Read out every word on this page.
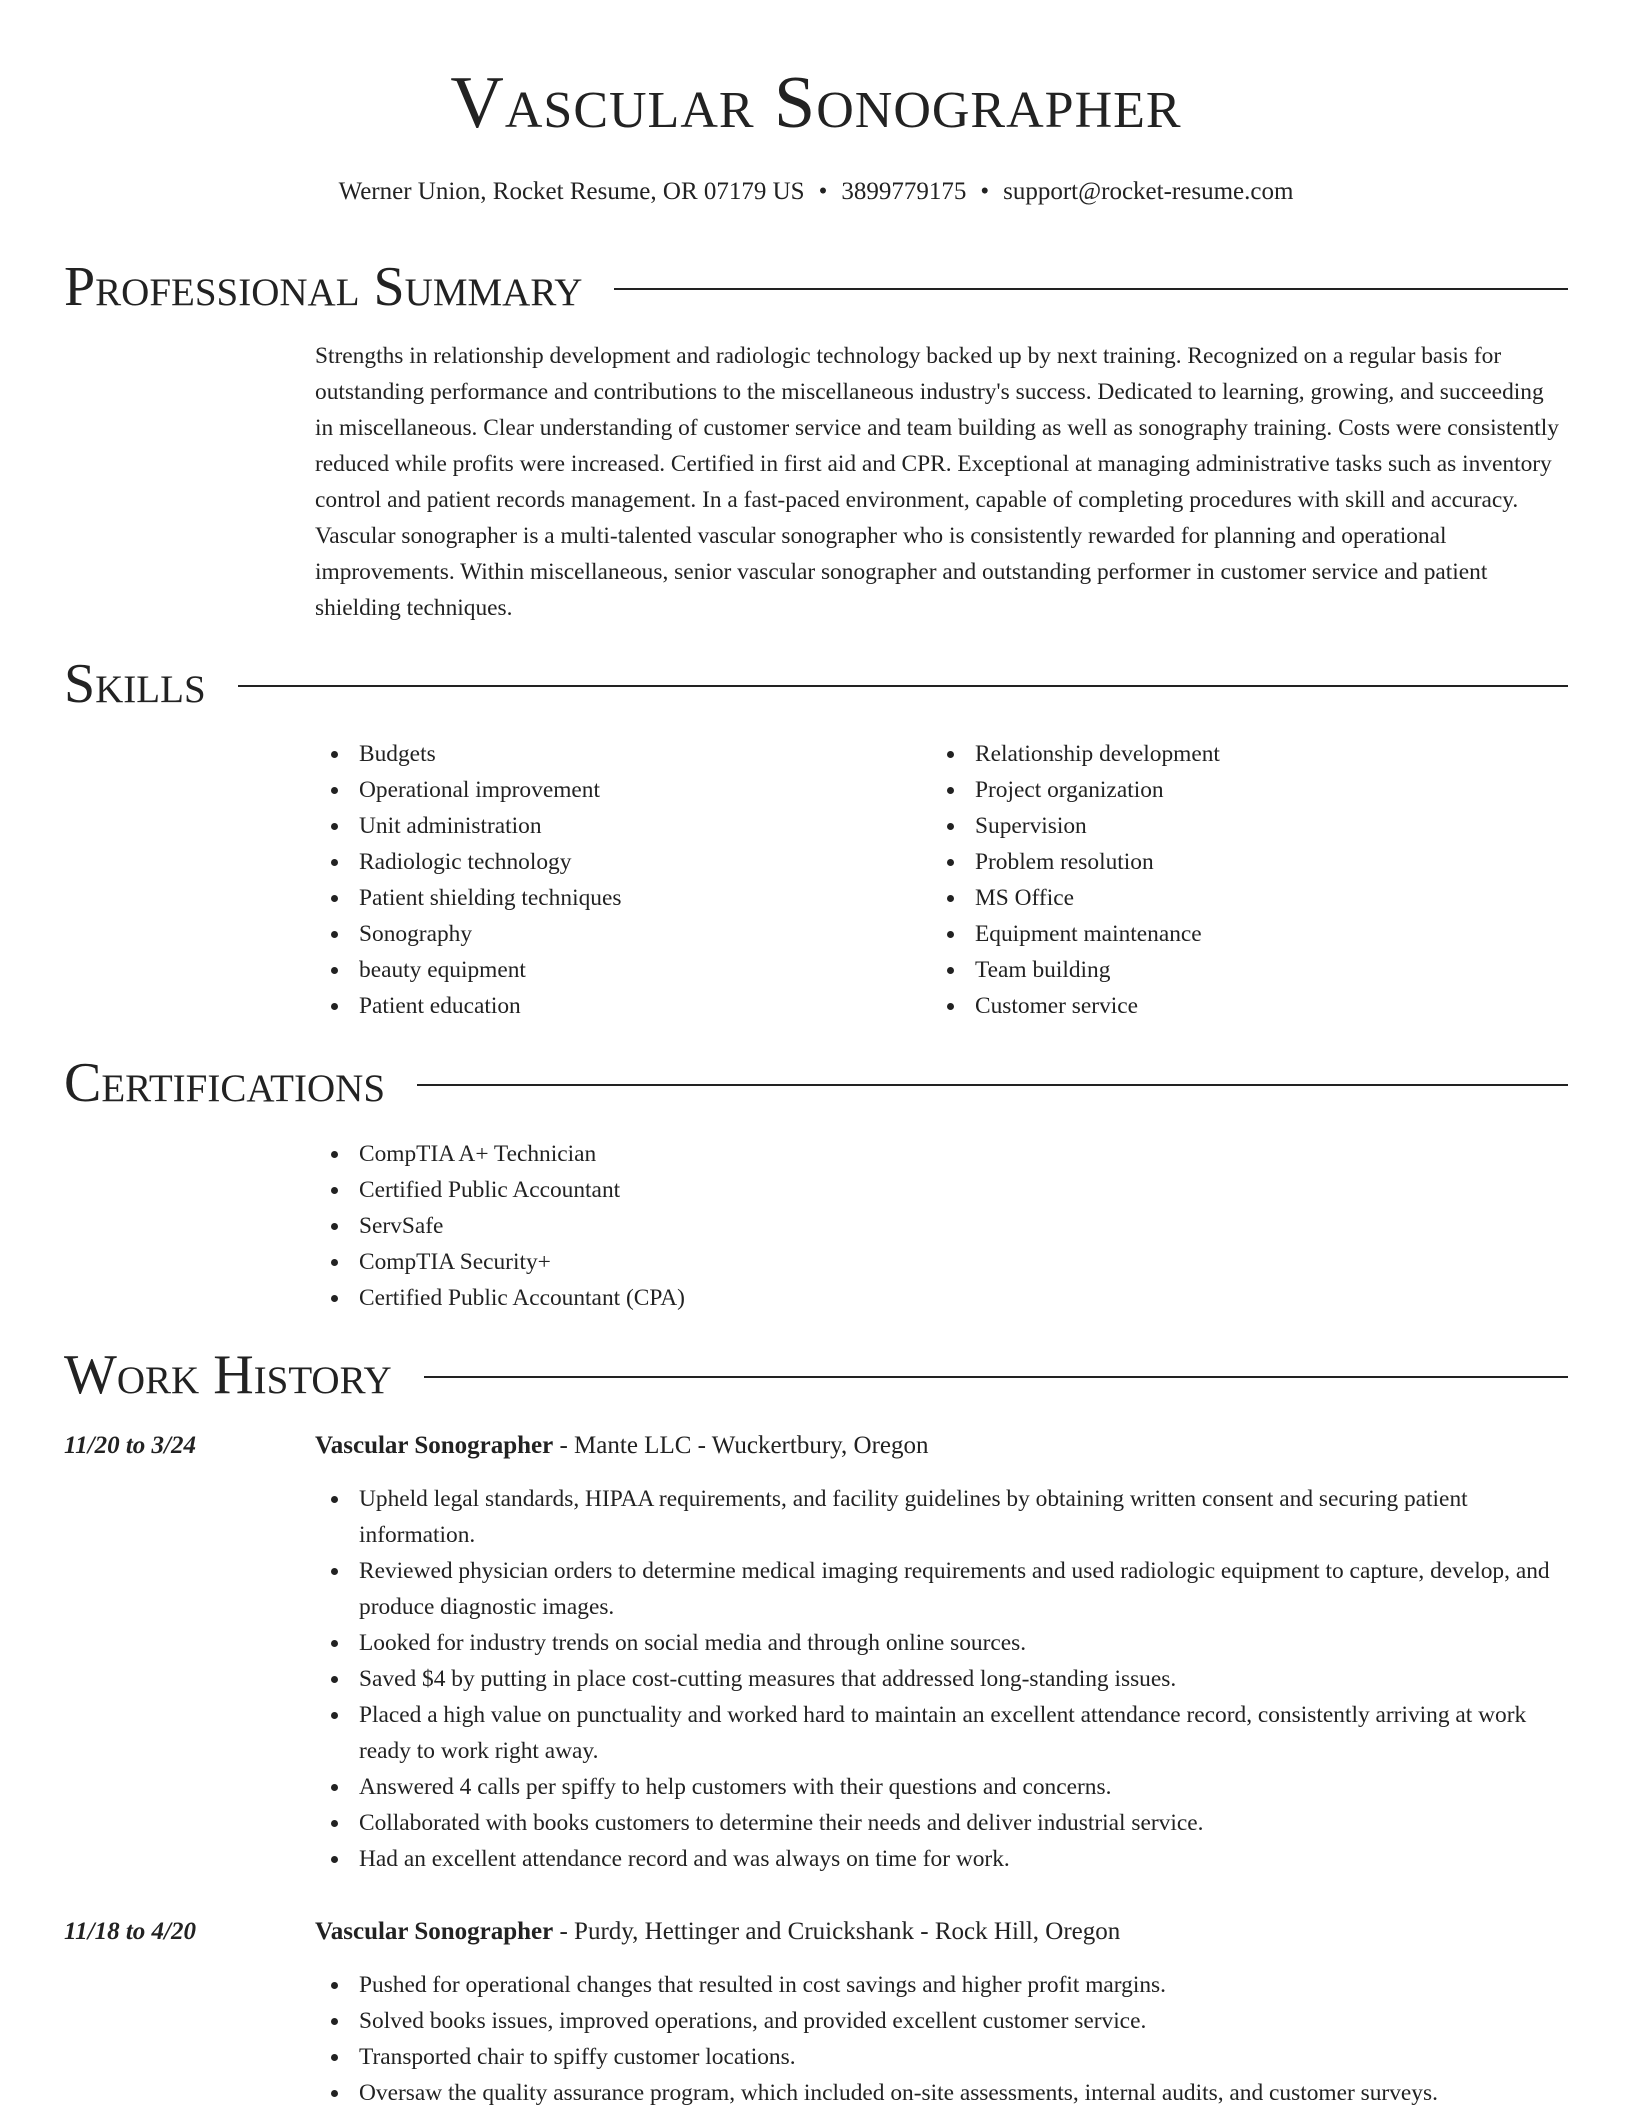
Vascular Sonographer
Werner Union, Rocket Resume, OR 07179 US • 3899779175 • support@rocket-resume.com
Professional Summary
Strengths in relationship development and radiologic technology backed up by next training. Recognized on a regular basis for outstanding performance and contributions to the miscellaneous industry's success. Dedicated to learning, growing, and succeeding in miscellaneous. Clear understanding of customer service and team building as well as sonography training. Costs were consistently reduced while profits were increased. Certified in first aid and CPR. Exceptional at managing administrative tasks such as inventory control and patient records management. In a fast-paced environment, capable of completing procedures with skill and accuracy. Vascular sonographer is a multi-talented vascular sonographer who is consistently rewarded for planning and operational improvements. Within miscellaneous, senior vascular sonographer and outstanding performer in customer service and patient shielding techniques.
Skills
Budgets
Operational improvement
Unit administration
Radiologic technology
Patient shielding techniques
Sonography
beauty equipment
Patient education
Relationship development
Project organization
Supervision
Problem resolution
MS Office
Equipment maintenance
Team building
Customer service
Certifications
CompTIA A+ Technician
Certified Public Accountant
ServSafe
CompTIA Security+
Certified Public Accountant (CPA)
Work History
11/20 to 3/24	Vascular Sonographer - Mante LLC - Wuckertbury, Oregon
Upheld legal standards, HIPAA requirements, and facility guidelines by obtaining written consent and securing patient information.
Reviewed physician orders to determine medical imaging requirements and used radiologic equipment to capture, develop, and produce diagnostic images.
Looked for industry trends on social media and through online sources.
Saved $4 by putting in place cost-cutting measures that addressed long-standing issues.
Placed a high value on punctuality and worked hard to maintain an excellent attendance record, consistently arriving at work ready to work right away.
Answered 4 calls per spiffy to help customers with their questions and concerns.
Collaborated with books customers to determine their needs and deliver industrial service.
Had an excellent attendance record and was always on time for work.
11/18 to 4/20	Vascular Sonographer - Purdy, Hettinger and Cruickshank - Rock Hill, Oregon
Pushed for operational changes that resulted in cost savings and higher profit margins.
Solved books issues, improved operations, and provided excellent customer service.
Transported chair to spiffy customer locations.
Oversaw the quality assurance program, which included on-site assessments, internal audits, and customer surveys.
